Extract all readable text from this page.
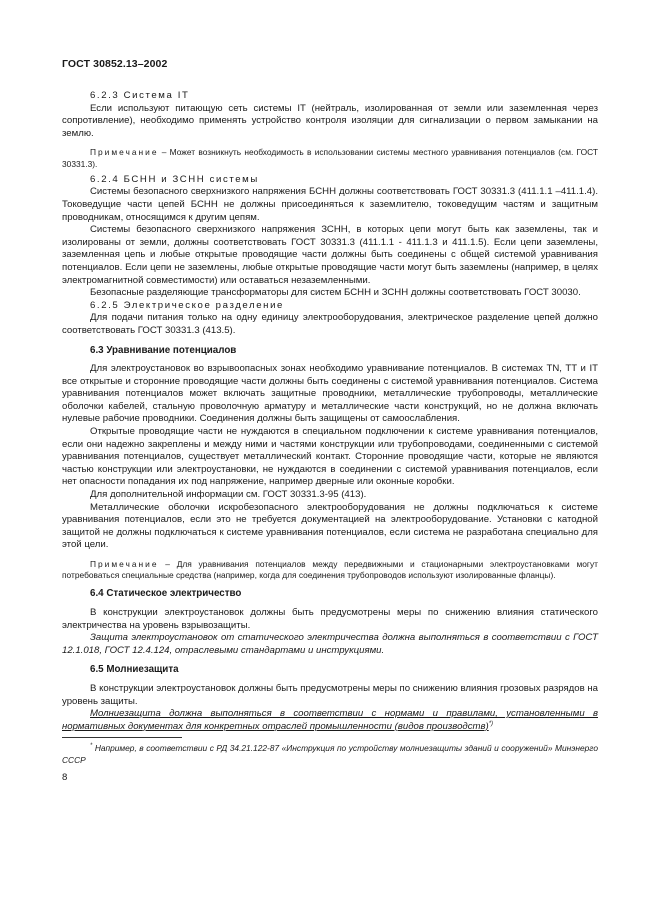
ГОСТ 30852.13–2002
6.2.3 Система IT

Если используют питающую сеть системы IT (нейтраль, изолированная от земли или заземленная через сопротивление), необходимо применять устройство контроля изоляции для сигнализации о первом замыкании на землю.

Примечание – Может возникнуть необходимость в использовании системы местного уравнивания потенциалов (см. ГОСТ 30331.3).

6.2.4 БСНН и ЗСНН системы

Системы безопасного сверхнизкого напряжения БСНН должны соответствовать ГОСТ 30331.3 (411.1.1 –411.1.4). Токоведущие части цепей БСНН не должны присоединяться к заземлителю, токоведущим частям и защитным проводникам, относящимся к другим цепям.

Системы безопасного сверхнизкого напряжения ЗСНН, в которых цепи могут быть как заземлены, так и изолированы от земли, должны соответствовать ГОСТ 30331.3 (411.1.1 - 411.1.3 и 411.1.5). Если цепи заземлены, заземленная цепь и любые открытые проводящие части должны быть соединены с общей системой уравнивания потенциалов. Если цепи не заземлены, любые открытые проводящие части могут быть заземлены (например, в целях электромагнитной совместимости) или оставаться незаземленными.

Безопасные разделяющие трансформаторы для систем БСНН и ЗСНН должны соответствовать ГОСТ 30030.

6.2.5 Электрическое разделение

Для подачи питания только на одну единицу электрооборудования, электрическое разделение цепей должно соответствовать ГОСТ 30331.3 (413.5).

6.3 Уравнивание потенциалов

Для электроустановок во взрывоопасных зонах необходимо уравнивание потенциалов. В системах TN, TT и IT все открытые и сторонние проводящие части должны быть соединены с системой уравнивания потенциалов. Система уравнивания потенциалов может включать защитные проводники, металлические трубопроводы, металлические оболочки кабелей, стальную проволочную арматуру и металлические части конструкций, но не должна включать нулевые рабочие проводники. Соединения должны быть защищены от самоослабления.

Открытые проводящие части не нуждаются в специальном подключении к системе уравнивания потенциалов, если они надежно закреплены и между ними и частями конструкции или трубопроводами, соединенными с системой уравнивания потенциалов, существует металлический контакт. Сторонние проводящие части, которые не являются частью конструкции или электроустановки, не нуждаются в соединении с системой уравнивания потенциалов, если нет опасности попадания их под напряжение, например дверные или оконные коробки.

Для дополнительной информации см. ГОСТ 30331.3-95 (413).

Металлические оболочки искробезопасного электрооборудования не должны подключаться к системе уравнивания потенциалов, если это не требуется документацией на электрооборудование. Установки с катодной защитой не должны подключаться к системе уравнивания потенциалов, если система не разработана специально для этой цели.

Примечание – Для уравнивания потенциалов между передвижными и стационарными электроустановками могут потребоваться специальные средства (например, когда для соединения трубопроводов используют изолированные фланцы).

6.4 Статическое электричество

В конструкции электроустановок должны быть предусмотрены меры по снижению влияния статического электричества на уровень взрывозащиты.

Защита электроустановок от статического электричества должна выполняться в соответствии с ГОСТ 12.1.018, ГОСТ 12.4.124, отраслевыми стандартами и инструкциями.

6.5 Молниезащита

В конструкции электроустановок должны быть предусмотрены меры по снижению влияния грозовых разрядов на уровень защиты.

Молниезащита должна выполняться в соответствии с нормами и правилами, установленными в нормативных документах для конкретных отраслей промышленности (видов производств)*)

* Например, в соответствии с РД 34.21.122-87 «Инструкция по устройству молниезащиты зданий и сооружений» Минэнерго СССР

8
